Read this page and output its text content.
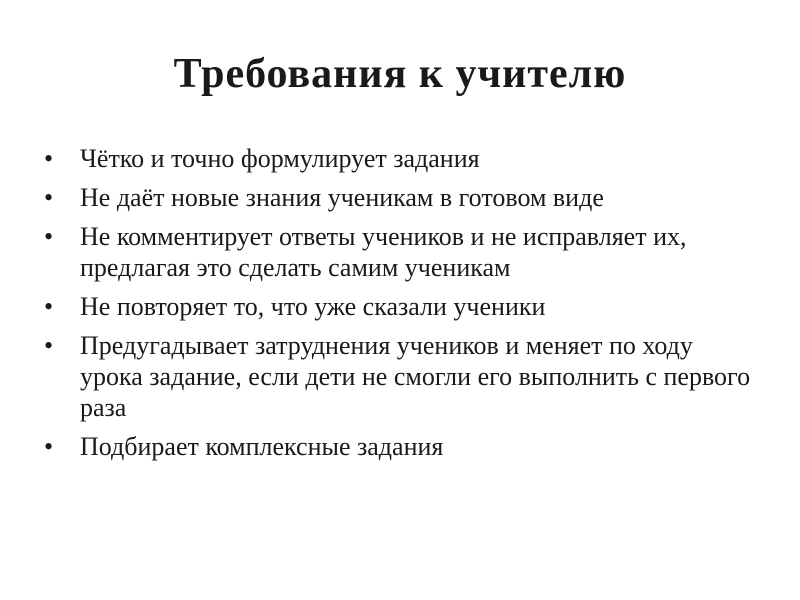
Требования к учителю
• Чётко и точно формулирует задания
• Не даёт новые знания ученикам в готовом виде
• Не комментирует ответы учеников и не исправляет их, предлагая это сделать самим ученикам
• Не повторяет то, что уже сказали ученики
• Предугадывает затруднения учеников и меняет по ходу урока задание, если дети не смогли его выполнить с первого раза
• Подбирает комплексные задания
